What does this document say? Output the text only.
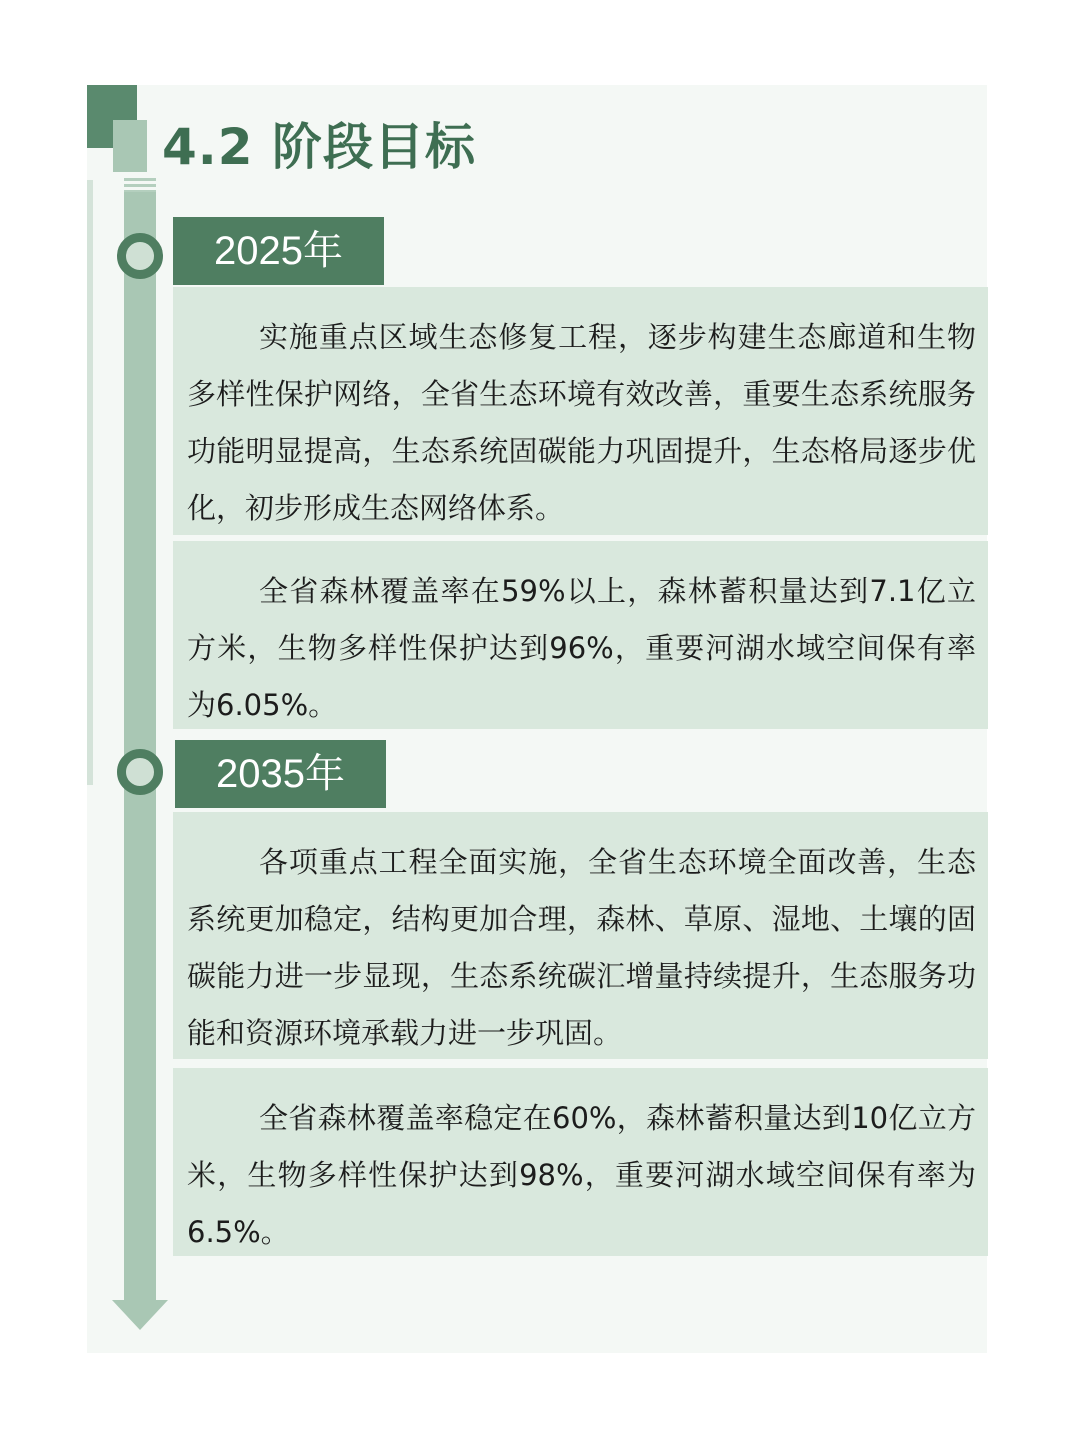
4.2 阶段目标
2025年
实施重点区域生态修复工程，逐步构建生态廊道和生物多样性保护网络，全省生态环境有效改善，重要生态系统服务功能明显提高，生态系统固碳能力巩固提升，生态格局逐步优化，初步形成生态网络体系。
全省森林覆盖率在59%以上，森林蓄积量达到7.1亿立方米，生物多样性保护达到96%，重要河湖水域空间保有率为6.05%。
2035年
各项重点工程全面实施，全省生态环境全面改善，生态系统更加稳定，结构更加合理，森林、草原、湿地、土壤的固碳能力进一步显现，生态系统碳汇增量持续提升，生态服务功能和资源环境承载力进一步巩固。
全省森林覆盖率稳定在60%，森林蓄积量达到10亿立方米，生物多样性保护达到98%，重要河湖水域空间保有率为6.5%。
